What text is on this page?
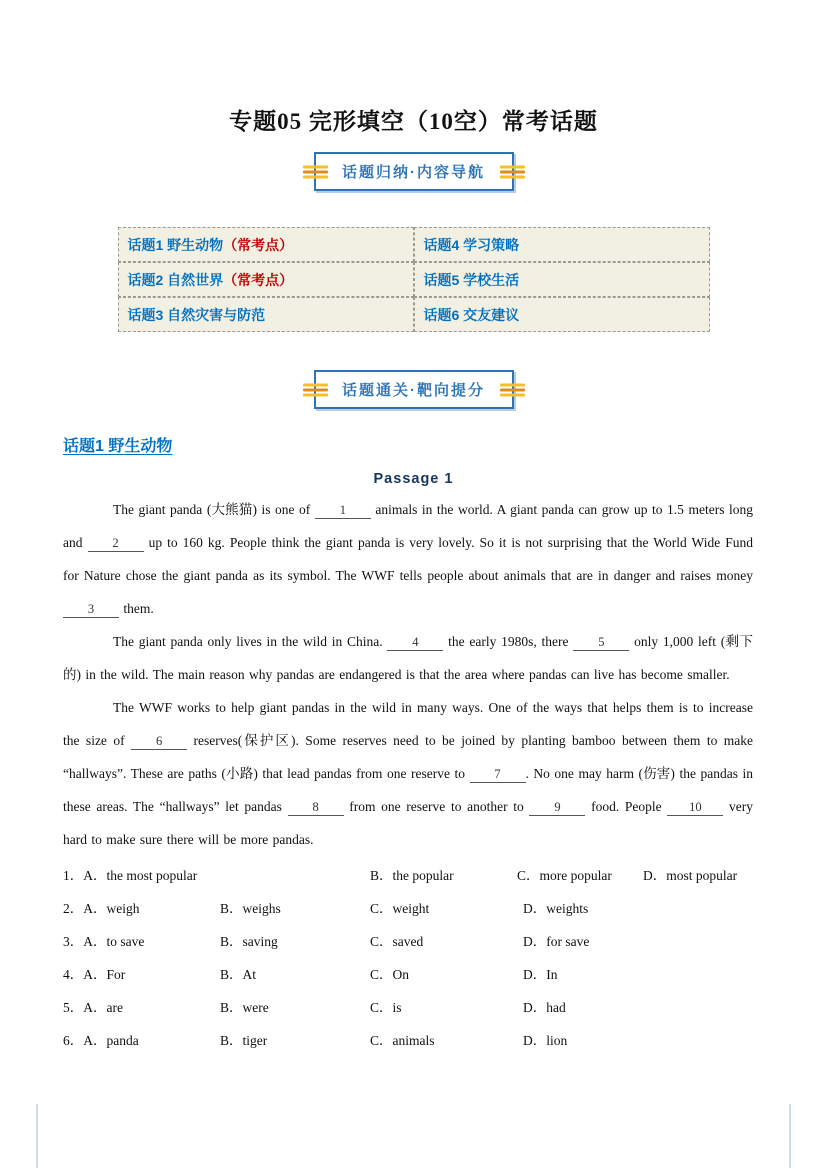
专题05 完形填空（10空）常考话题
话题归纳·内容导航
话题1 野生动物（常考点）	话题4 学习策略
话题2 自然世界（常考点）	话题5 学校生活
话题3 自然灾害与防范	话题6 交友建议
话题通关·靶向提分
话题1 野生动物
Passage 1

The giant panda (大熊猫) is one of 1 animals in the world. A giant panda can grow up to 1.5 meters long and 2 up to 160 kg. People think the giant panda is very lovely. So it is not surprising that the World Wide Fund for Nature chose the giant panda as its symbol. The WWF tells people about animals that are in danger and raises money 3 them.

The giant panda only lives in the wild in China. 4 the early 1980s, there 5 only 1,000 left (剩下的) in the wild. The main reason why pandas are endangered is that the area where pandas can live has become smaller.

The WWF works to help giant pandas in the wild in many ways. One of the ways that helps them is to increase the size of 6 reserves(保护区). Some reserves need to be joined by planting bamboo between them to make “hallways”. These are paths (小路) that lead pandas from one reserve to 7 . No one may harm (伤害) the pandas in these areas. The “hallways” let pandas 8 from one reserve to another to 9 food. People 10 very hard to make sure there will be more pandas.

1．A．the most popular	B．the popular	C．more popular	D．most popular
2．A．weigh	B．weighs	C．weight	D．weights
3．A．to save	B．saving	C．saved	D．for save
4．A．For	B．At	C．On	D．In
5．A．are	B．were	C．is	D．had
6．A．panda	B．tiger	C．animals	D．lion
